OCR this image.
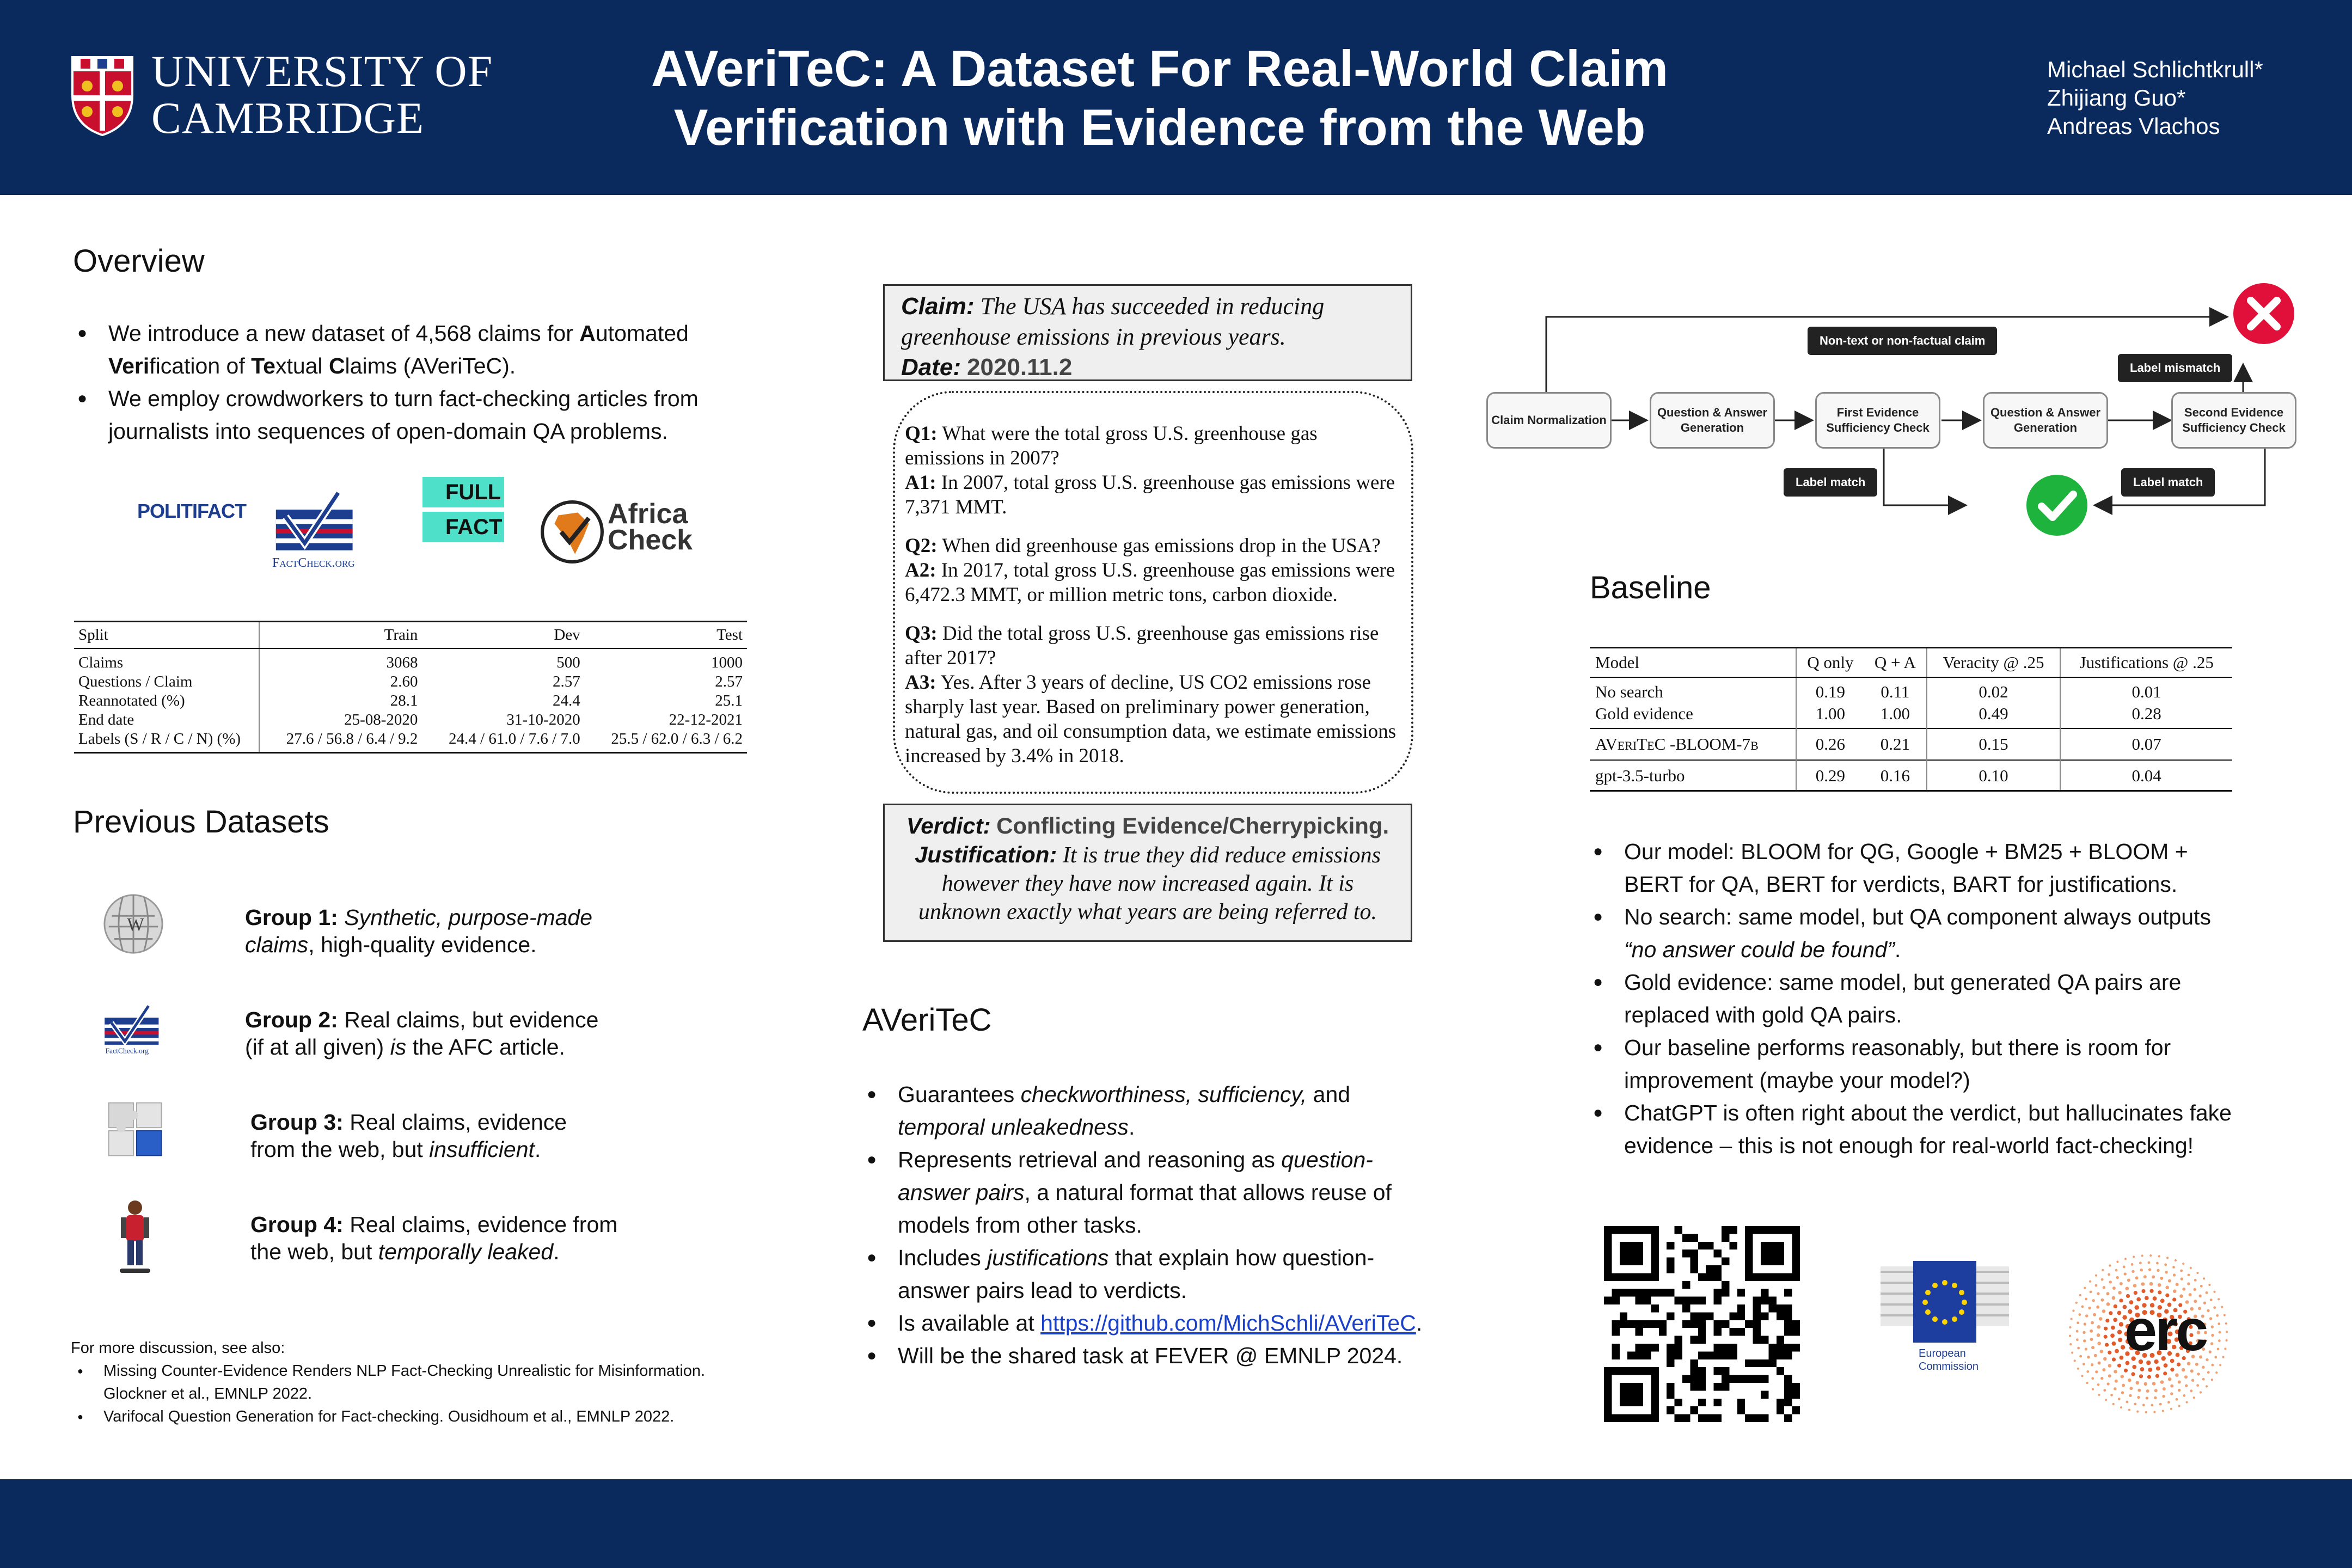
UNIVERSITY OF
CAMBRIDGE
AVeriTeC: A Dataset For Real-World Claim
Verification with Evidence from the Web
Michael Schlichtkrull*
Zhijiang Guo*
Andreas Vlachos
Overview
● We introduce a new dataset of 4,568 claims for Automated Verification of Textual Claims (AVeriTeC).
● We employ crowdworkers to turn fact-checking articles from journalists into sequences of open-domain QA problems.
POLITIFACT
FactCheck.org
FULL
FACT	Africa
Check
Split	Train	Dev	Test
Claims	3068	500	1000
Questions / Claim	2.60	2.57	2.57
Reannotated (%)	28.1	24.4	25.1
End date	25-08-2020	31-10-2020	22-12-2021
Labels (S / R / C / N) (%)	27.6 / 56.8 / 6.4 / 9.2	24.4 / 61.0 / 7.6 / 7.0	25.5 / 62.0 / 6.3 / 6.2
Previous Datasets
W	Group 1: Synthetic, purpose-made
claims, high-quality evidence.
FactCheck.org
Group 2: Real claims, but evidence
(if at all given) is the AFC article.
Group 3: Real claims, evidence
from the web, but insufficient.
Group 4: Real claims, evidence from
the web, but temporally leaked.
For more discussion, see also:
● Missing Counter-Evidence Renders NLP Fact-Checking Unrealistic for Misinformation.
Glockner et al., EMNLP 2022.
● Varifocal Question Generation for Fact-checking. Ousidhoum et al., EMNLP 2022.
Claim: The USA has succeeded in reducing greenhouse emissions in previous years.
Date: 2020.11.2

Q1: What were the total gross U.S. greenhouse gas emissions in 2007?
A1: In 2007, total gross U.S. greenhouse gas emissions were 7,371 MMT.

Q2: When did greenhouse gas emissions drop in the USA?
A2: In 2017, total gross U.S. greenhouse gas emissions were 6,472.3 MMT, or million metric tons, carbon dioxide.

Q3: Did the total gross U.S. greenhouse gas emissions rise after 2017?
A3: Yes. After 3 years of decline, US CO2 emissions rose sharply last year. Based on preliminary power generation, natural gas, and oil consumption data, we estimate emissions increased by 3.4% in 2018.

Verdict: Conflicting Evidence/Cherrypicking.
Justification: It is true they did reduce emissions however they have now increased again. It is unknown exactly what years are being referred to.
AVeriTeC
● Guarantees checkworthiness, sufficiency, and temporal unleakedness.
● Represents retrieval and reasoning as question-answer pairs, a natural format that allows reuse of models from other tasks.
● Includes justifications that explain how question-answer pairs lead to verdicts.
● Is available at https://github.com/MichSchli/AVeriTeC.
● Will be the shared task at FEVER @ EMNLP 2024.
Claim Normalization
Question & Answer Generation
First Evidence Sufficiency Check
Question & Answer Generation
Second Evidence Sufficiency Check
Non-text or non-factual claim
Label mismatch
Label match	Label match
Baseline
Model	Q only	Q + A	Veracity @ .25	Justifications @ .25
No search	0.19	0.11	0.02	0.01
Gold evidence	1.00	1.00	0.49	0.28
AVeriTeC -BLOOM-7b	0.26	0.21	0.15	0.07
gpt-3.5-turbo	0.29	0.16	0.10	0.04
● Our model: BLOOM for QG, Google + BM25 + BLOOM + BERT for QA, BERT for verdicts, BART for justifications.
● No search: same model, but QA component always outputs “no answer could be found”.
● Gold evidence: same model, but generated QA pairs are replaced with gold QA pairs.
● Our baseline performs reasonably, but there is room for improvement (maybe your model?)
● ChatGPT is often right about the verdict, but hallucinates fake evidence – this is not enough for real-world fact-checking!
European
Commission
erc
